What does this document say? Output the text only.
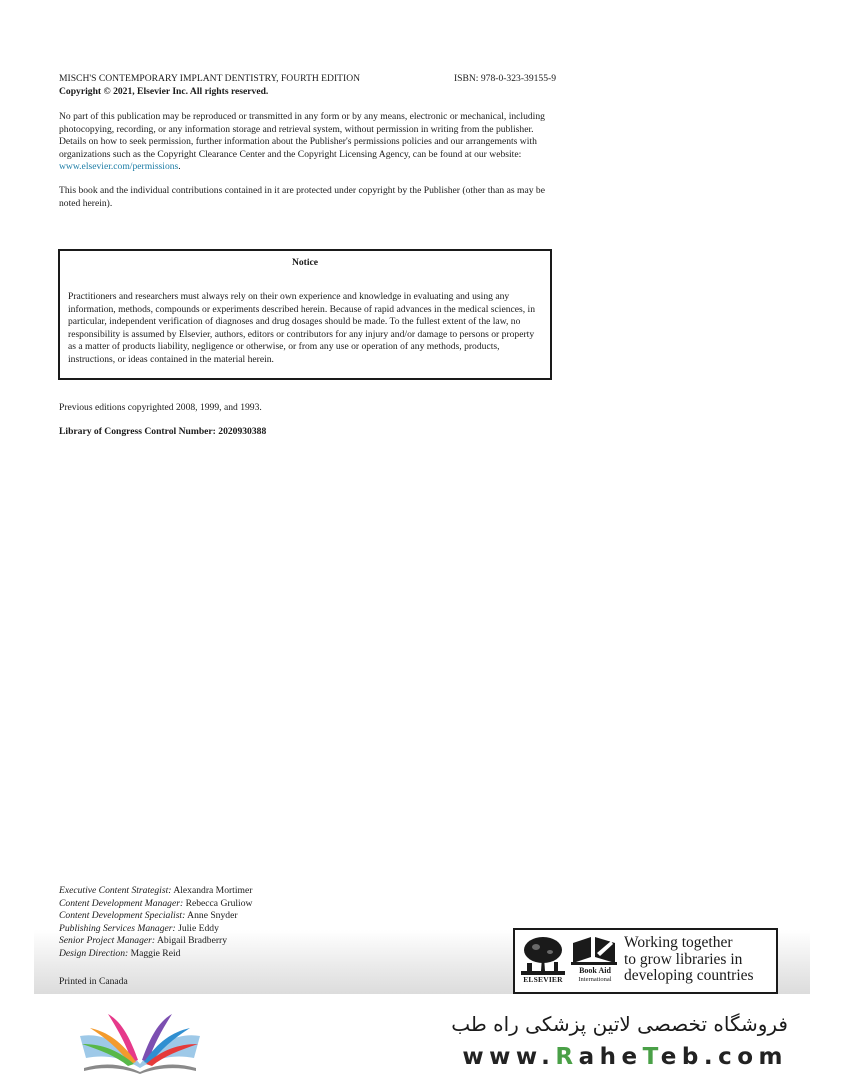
MISCH'S CONTEMPORARY IMPLANT DENTISTRY, FOURTH EDITION	ISBN: 978-0-323-39155-9
Copyright © 2021, Elsevier Inc. All rights reserved.
No part of this publication may be reproduced or transmitted in any form or by any means, electronic or mechanical, including photocopying, recording, or any information storage and retrieval system, without permission in writing from the publisher. Details on how to seek permission, further information about the Publisher's permissions policies and our arrangements with organizations such as the Copyright Clearance Center and the Copyright Licensing Agency, can be found at our website: www.elsevier.com/permissions.
This book and the individual contributions contained in it are protected under copyright by the Publisher (other than as may be noted herein).
Notice
Practitioners and researchers must always rely on their own experience and knowledge in evaluating and using any information, methods, compounds or experiments described herein. Because of rapid advances in the medical sciences, in particular, independent verification of diagnoses and drug dosages should be made. To the fullest extent of the law, no responsibility is assumed by Elsevier, authors, editors or contributors for any injury and/or damage to persons or property as a matter of products liability, negligence or otherwise, or from any use or operation of any methods, products, instructions, or ideas contained in the material herein.
Previous editions copyrighted 2008, 1999, and 1993.
Library of Congress Control Number: 2020930388
Executive Content Strategist: Alexandra Mortimer
Content Development Manager: Rebecca Gruliow
Content Development Specialist: Anne Snyder
Publishing Services Manager: Julie Eddy
Senior Project Manager: Abigail Bradberry
Design Direction: Maggie Reid
Printed in Canada	ELSEVIER
Book Aid
International
Working together
to grow libraries in
developing countries
فروشگاه تخصصی لاتین پزشکی راه طب
www.RaheTeb.com
